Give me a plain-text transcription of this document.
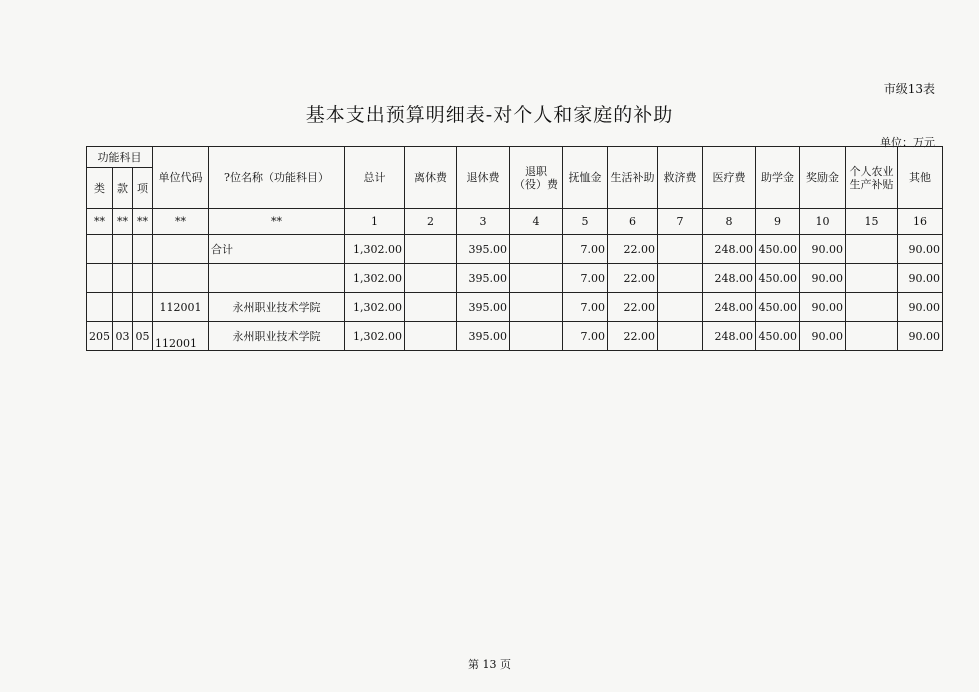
市级13表
基本支出预算明细表-对个人和家庭的补助
单位：万元
功能科目			单位代码	?位名称（功能科目）	总计	离休费	退休费	退职（役）费	抚恤金	生活补助	救济费	医疗费	助学金	奖励金	个人农业生产补贴	其他
类	款	项														
**	**	**	**	**	1	2	3	4	5	6	7	8	9	10	15	16
				合计	1,302.00		395.00		7.00	22.00		248.00	450.00	90.00		90.00
					1,302.00		395.00		7.00	22.00		248.00	450.00	90.00		90.00
			112001	永州职业技术学院	1,302.00		395.00		7.00	22.00		248.00	450.00	90.00		90.00
205	03	05	112001	永州职业技术学院	1,302.00		395.00		7.00	22.00		248.00	450.00	90.00		90.00
第 13 页
